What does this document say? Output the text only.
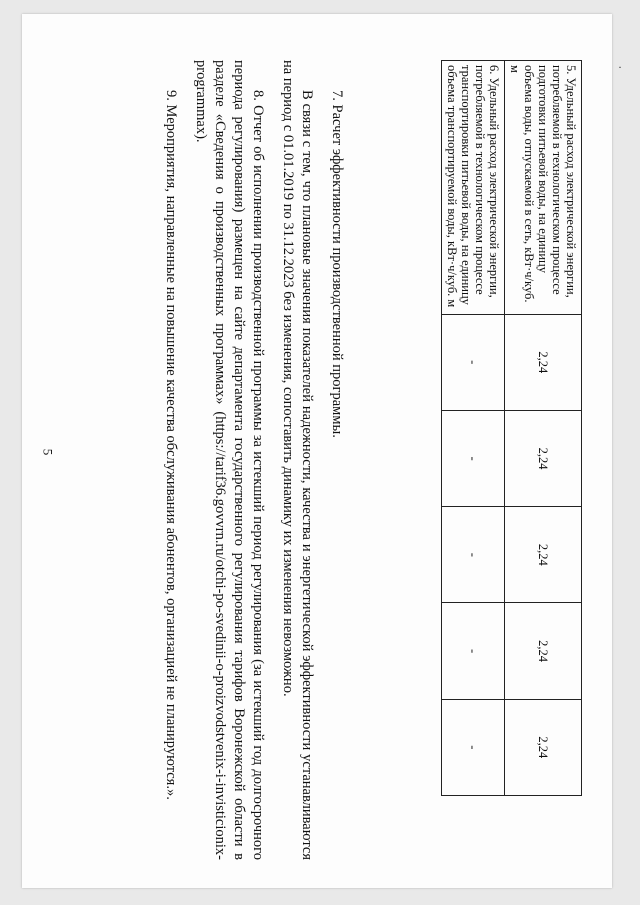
5
·
5. Удельный расход электрической энергии, потребляемой в технологическом процессе подготовки питьевой воды, на единицу объема воды, отпускаемой в сеть, кВт·ч/куб. м	2,24	2,24	2,24	2,24	2,24
6. Удельный расход электрической энергии, потребляемой в технологическом процессе транспортировки питьевой воды, на единицу объема транспортируемой воды, кВт·ч/куб. м	-	-	-	-	-

7. Расчет эффективности производственной программы.

В связи с тем, что плановые значения показателей надежности, качества и энергетической эффективности устанавливаются на период с 01.01.2019 по 31.12.2023 без изменения, сопоставить динамику их изменения невозможно.

8. Отчет об исполнении производственной программы за истекший период регулирования (за истекший год долгосрочного периода регулирования) размещен на сайте департамента государственного регулирования тарифов Воронежской области в разделе «Сведения о производственных программах» (https://tarif36.govvrn.ru/otchi-po-svedinii-o-proizvodstvenix-i-invisticionix-programmax).

9. Мероприятия, направленные на повышение качества обслуживания абонентов, организацией не планируются.».
